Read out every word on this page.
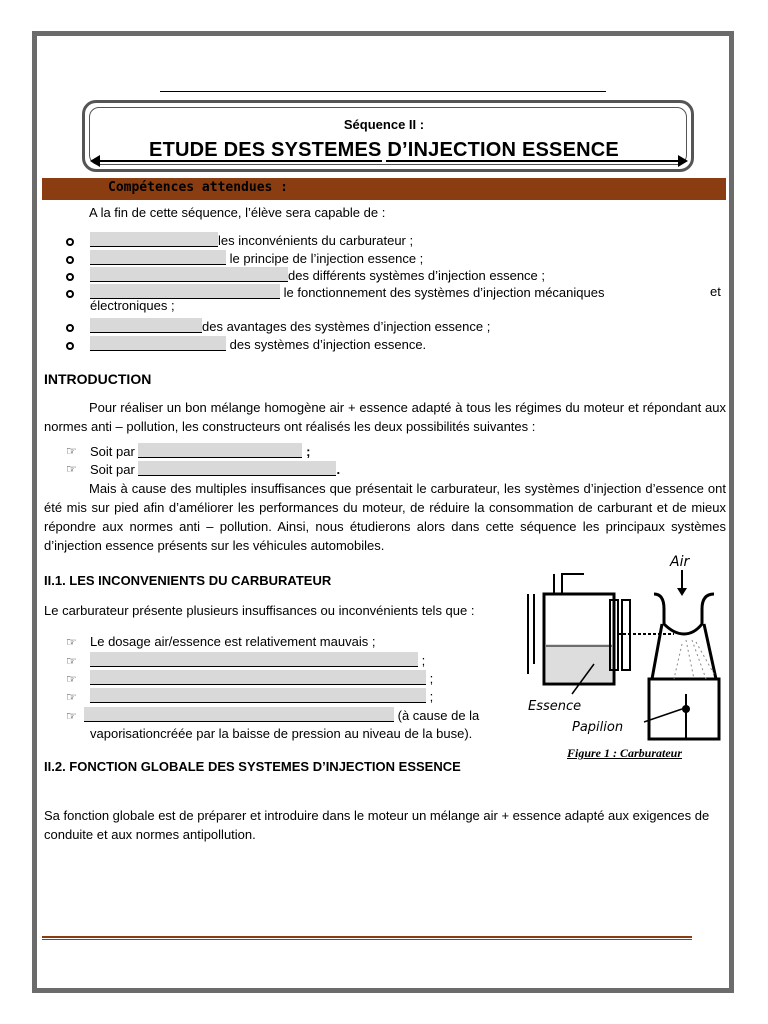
Séquence II :
ETUDE DES SYSTEMES D’INJECTION ESSENCE
Compétences attendues :
A la fin de cette séquence, l’élève sera capable de :
les inconvénients du carburateur ;
le principe de l’injection essence ;
des différents systèmes d’injection essence ;
le fonctionnement des systèmes d’injection mécaniques	et
électroniques ;
des avantages des systèmes d’injection essence ;
des systèmes d’injection essence.
INTRODUCTION
Pour réaliser un bon mélange homogène air + essence adapté à tous les régimes du moteur et répondant aux normes anti – pollution, les constructeurs ont réalisés les deux possibilités suivantes :
☞ Soit par	;
☞ Soit par	.
Mais à cause des multiples insuffisances que présentait le carburateur, les systèmes d’injection d’essence ont été mis sur pied afin d’améliorer les performances du moteur, de réduire la consommation de carburant et de mieux répondre aux normes anti – pollution. Ainsi, nous étudierons alors dans cette séquence les principaux systèmes d’injection essence présents sur les véhicules automobiles.
II.1. LES INCONVENIENTS DU CARBURATEUR
Le carburateur présente plusieurs insuffisances ou inconvénients tels que :
☞ Le dosage air/essence est relativement mauvais ;
☞	;
☞	;
☞	;
☞	(à cause de la
vaporisationcréée par la baisse de pression au niveau de la buse).
Air
Essence
Papilion
Figure 1 : Carburateur
II.2. FONCTION GLOBALE DES SYSTEMES D’INJECTION ESSENCE
Sa fonction globale est de préparer et introduire dans le moteur un mélange air + essence adapté aux exigences de conduite et aux normes antipollution.
